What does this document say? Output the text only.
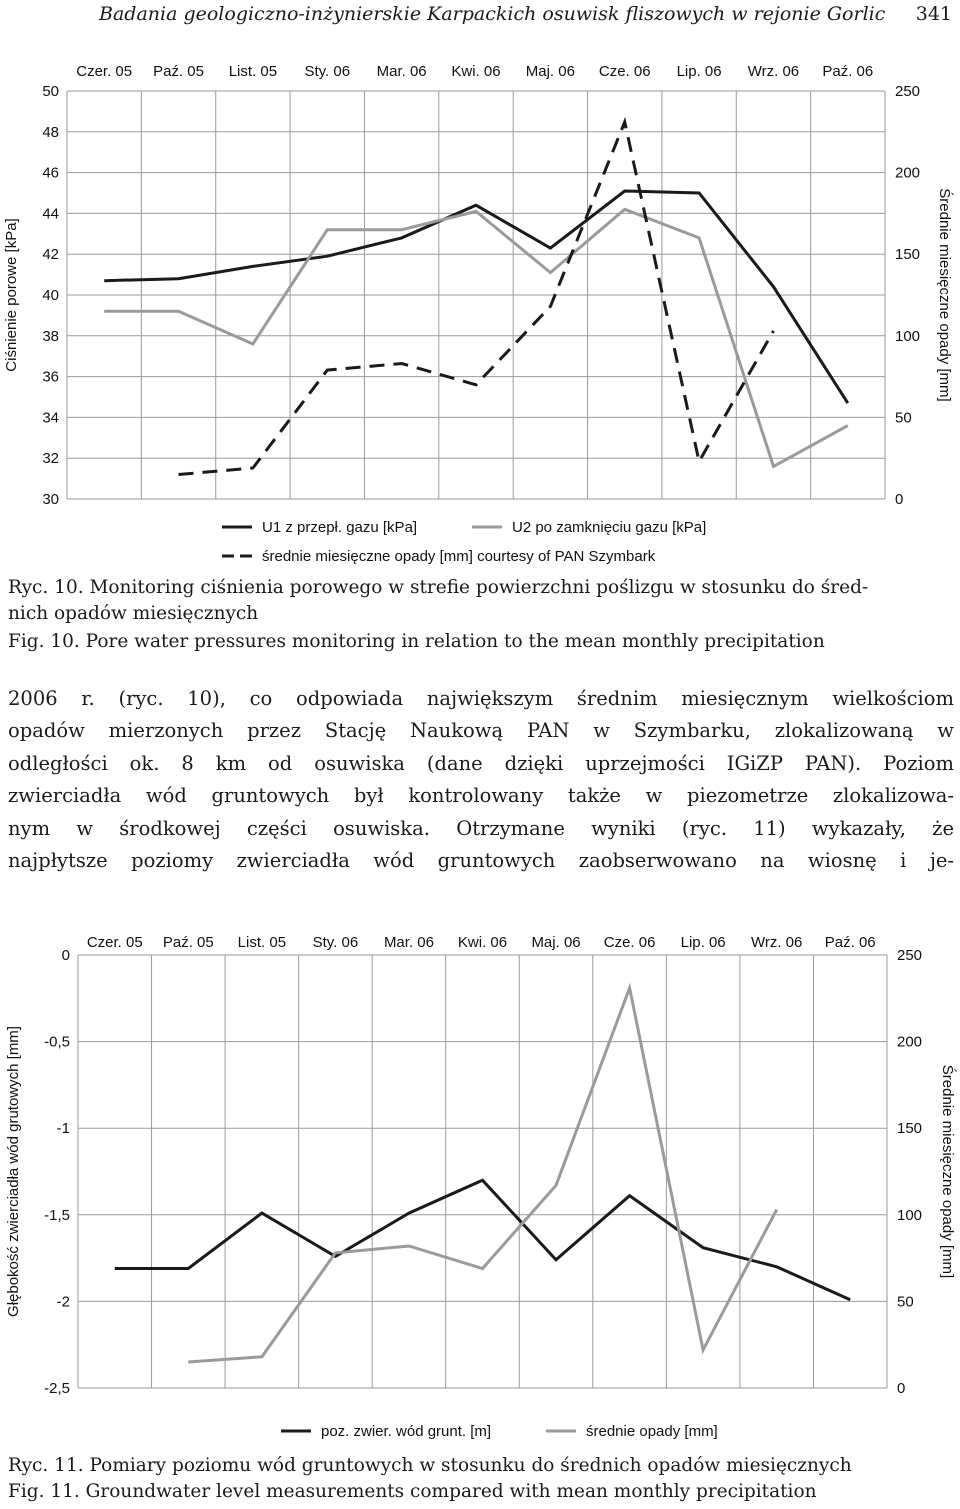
Badania geologiczno-inżynierskie Karpackich osuwisk fliszowych w rejonie Gorlic 341
30
32
34
36
38
40
42
44
46
48
50
0
50
100
150
200
250
Czer. 05 Paź. 05 List. 05 Sty. 06 Mar. 06 Kwi. 06 Maj. 06 Cze. 06 Lip. 06 Wrz. 06 Paź. 06
Ciśnienie porowe [kPa]	Średnie miesięczne opady [mm]
U1 z przepł. gazu [kPa]	U2 po zamknięciu gazu [kPa]
średnie miesięczne opady [mm] courtesy of PAN Szymbark
Ryc. 10. Monitoring ciśnienia porowego w strefie powierzchni poślizgu w stosunku do śred-
nich opadów miesięcznych
Fig. 10. Pore water pressures monitoring in relation to the mean monthly precipitation
2006 r. (ryc. 10), co odpowiada największym średnim miesięcznym wielkościom
opadów mierzonych przez Stację Naukową PAN w Szymbarku, zlokalizowaną w
odległości ok. 8 km od osuwiska (dane dzięki uprzejmości IGiZP PAN). Poziom
zwierciadła wód gruntowych był kontrolowany także w piezometrze zlokalizowa-
nym w środkowej części osuwiska. Otrzymane wyniki (ryc. 11) wykazały, że
najpłytsze poziomy zwierciadła wód gruntowych zaobserwowano na wiosnę i je-
0
-0,5
-1
-1,5
-2
-2,5	0
50
100
150
200
250
Czer. 05 Paź. 05 List. 05 Sty. 06 Mar. 06 Kwi. 06 Maj. 06 Cze. 06 Lip. 06 Wrz. 06 Paź. 06
Głębokość zwierciadła wód grutowych [mm]	Średnie miesięczne opady [mm]
poz. zwier. wód grunt. [m]	średnie opady [mm]
Ryc. 11. Pomiary poziomu wód gruntowych w stosunku do średnich opadów miesięcznych
Fig. 11. Groundwater level measurements compared with mean monthly precipitation
